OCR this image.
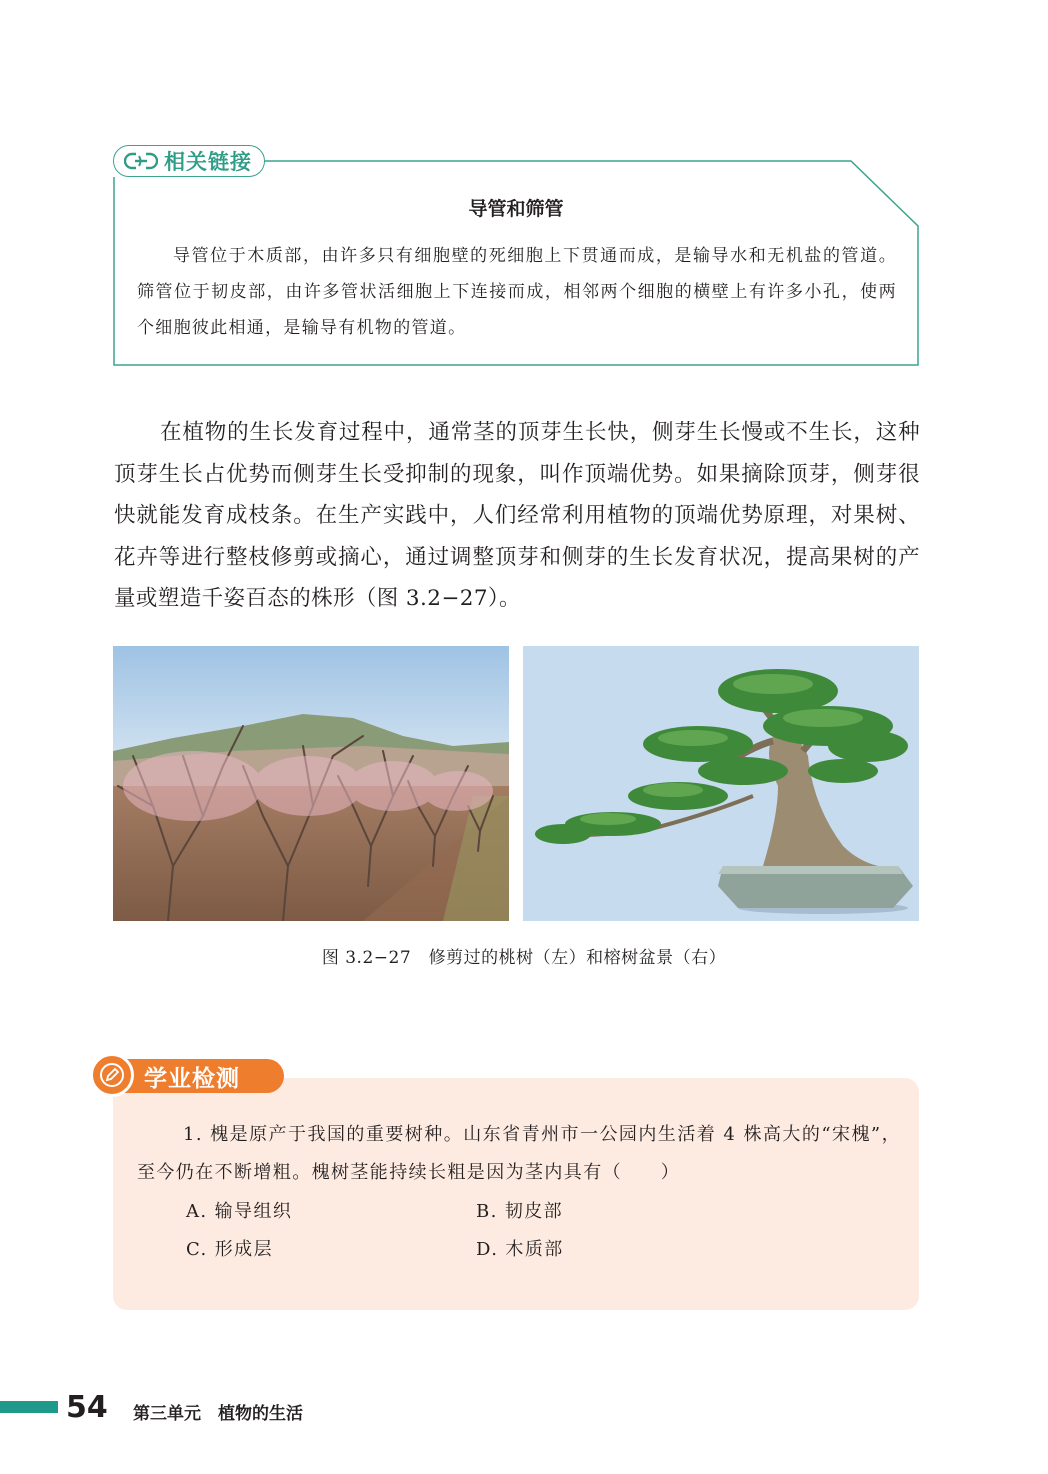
相关链接
导管和筛管
导管位于木质部，由许多只有细胞壁的死细胞上下贯通而成，是输导水和无机盐的管道。筛管位于韧皮部，由许多管状活细胞上下连接而成，相邻两个细胞的横壁上有许多小孔，使两个细胞彼此相通，是输导有机物的管道。
在植物的生长发育过程中，通常茎的顶芽生长快，侧芽生长慢或不生长，这种顶芽生长占优势而侧芽生长受抑制的现象，叫作顶端优势。如果摘除顶芽，侧芽很快就能发育成枝条。在生产实践中，人们经常利用植物的顶端优势原理，对果树、花卉等进行整枝修剪或摘心，通过调整顶芽和侧芽的生长发育状况，提高果树的产量或塑造千姿百态的株形（图 3.2−27）。
图 3.2−27　修剪过的桃树（左）和榕树盆景（右）
学业检测
1. 槐是原产于我国的重要树种。山东省青州市一公园内生活着 4 株高大的“宋槐”，至今仍在不断增粗。槐树茎能持续长粗是因为茎内具有（　　）
A. 输导组织	B. 韧皮部
C. 形成层	D. 木质部
54 第三单元　植物的生活
